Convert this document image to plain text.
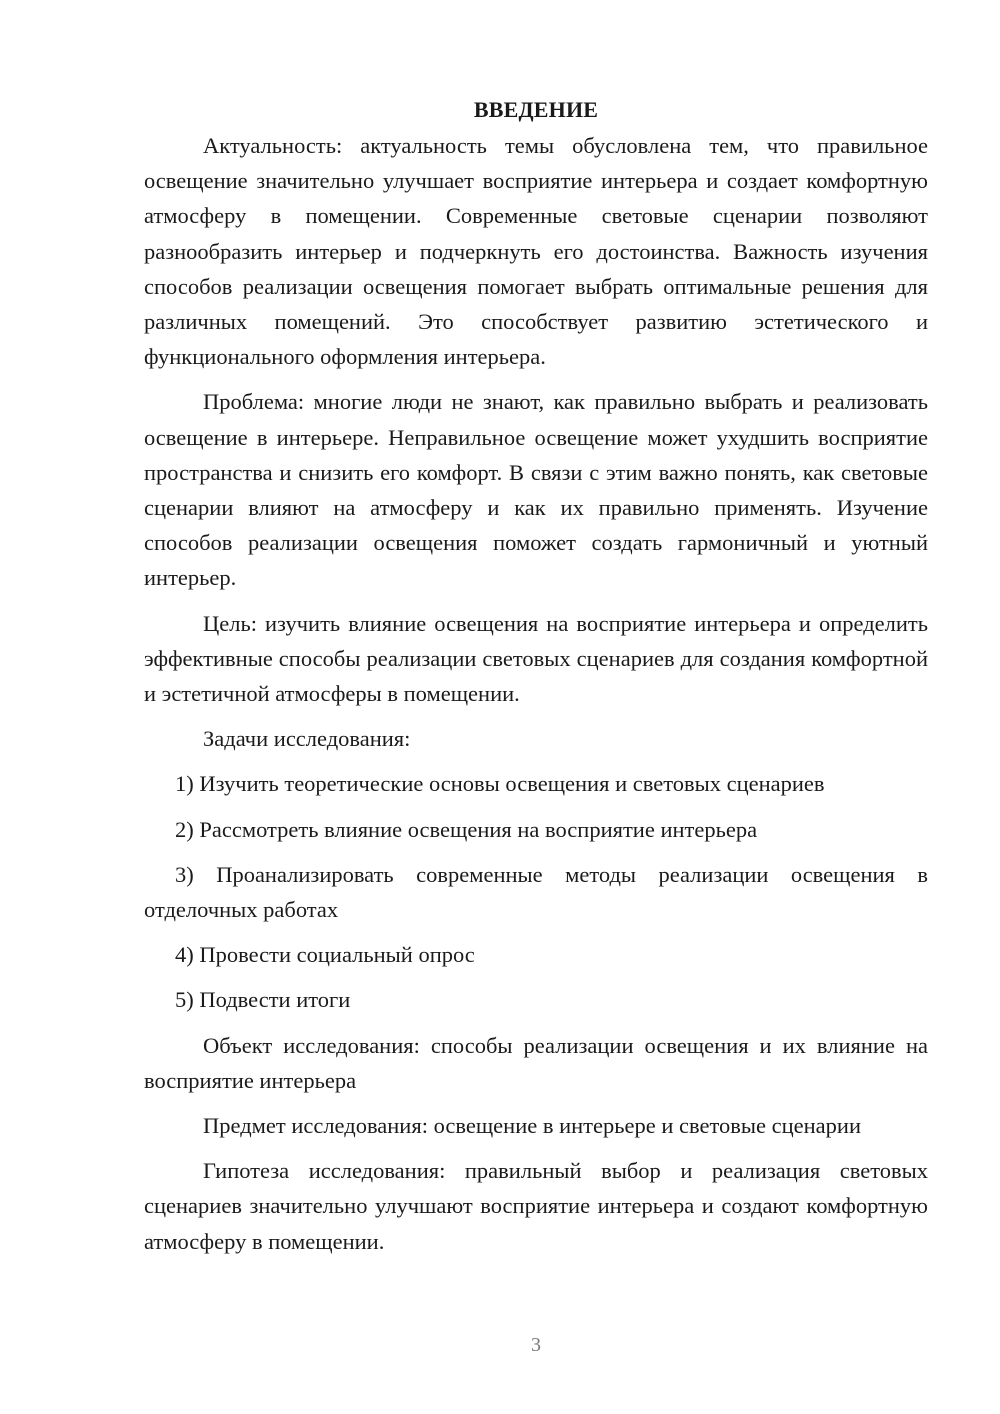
ВВЕДЕНИЕ

Актуальность: актуальность темы обусловлена тем, что правильное освещение значительно улучшает восприятие интерьера и создает комфортную атмосферу в помещении. Современные световые сценарии позволяют разнообразить интерьер и подчеркнуть его достоинства. Важность изучения способов реализации освещения помогает выбрать оптимальные решения для различных помещений. Это способствует развитию эстетического и функционального оформления интерьера.

Проблема: многие люди не знают, как правильно выбрать и реализовать освещение в интерьере. Неправильное освещение может ухудшить восприятие пространства и снизить его комфорт. В связи с этим важно понять, как световые сценарии влияют на атмосферу и как их правильно применять. Изучение способов реализации освещения поможет создать гармоничный и уютный интерьер.

Цель: изучить влияние освещения на восприятие интерьера и определить эффективные способы реализации световых сценариев для создания комфортной и эстетичной атмосферы в помещении.

Задачи исследования:

1) Изучить теоретические основы освещения и световых сценариев

2) Рассмотреть влияние освещения на восприятие интерьера

3) Проанализировать современные методы реализации освещения в отделочных работах

4) Провести социальный опрос

5) Подвести итоги

Объект исследования: способы реализации освещения и их влияние на восприятие интерьера

Предмет исследования: освещение в интерьере и световые сценарии

Гипотеза исследования: правильный выбор и реализация световых сценариев значительно улучшают восприятие интерьера и создают комфортную атмосферу в помещении.

3
